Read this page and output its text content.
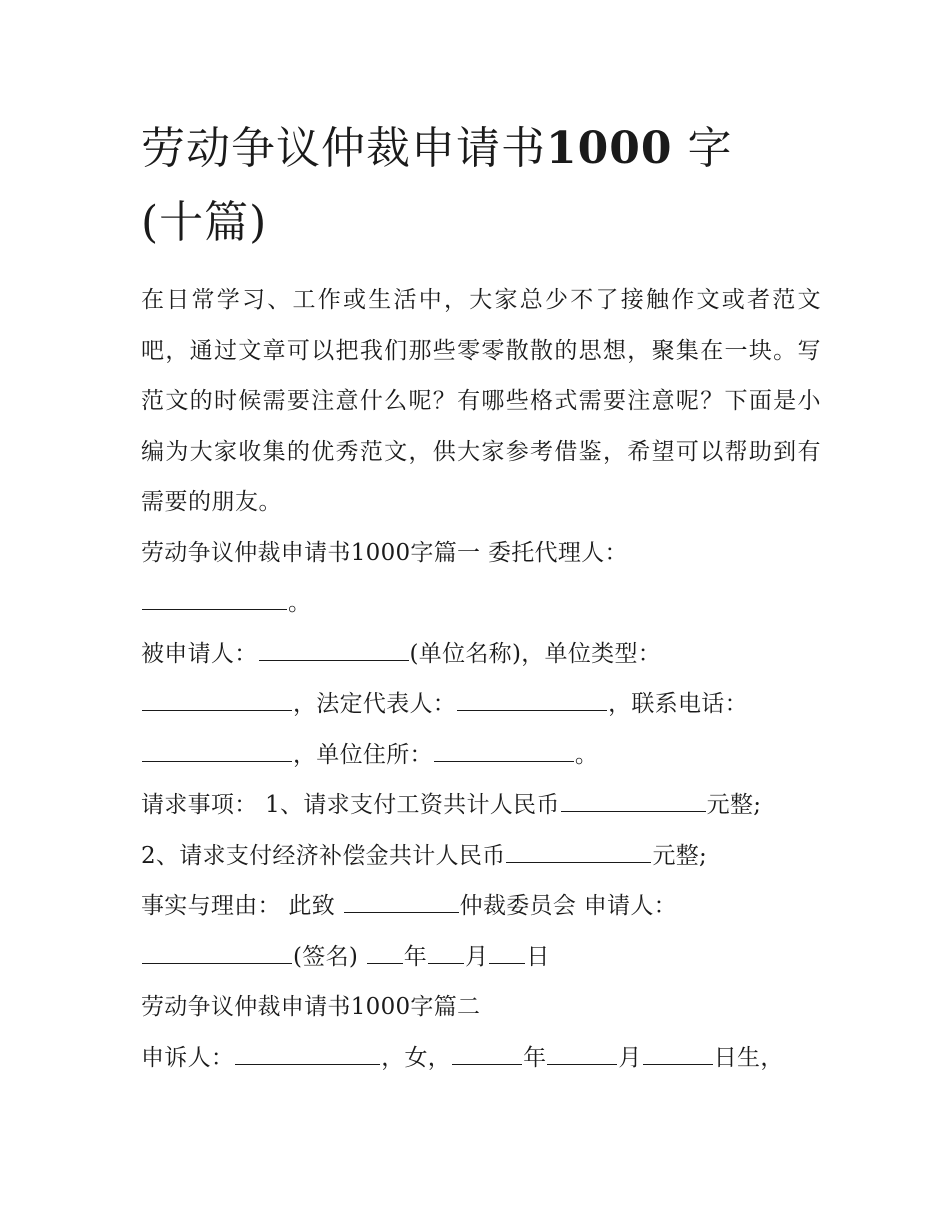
劳动争议仲裁申请书1000 字
(十篇)

在日常学习、工作或生活中，大家总少不了接触作文或者范文吧，通过文章可以把我们那些零零散散的思想，聚集在一块。写范文的时候需要注意什么呢？有哪些格式需要注意呢？下面是小编为大家收集的优秀范文，供大家参考借鉴，希望可以帮助到有需要的朋友。

劳动争议仲裁申请书1000字篇一 委托代理人：

。

被申请人：	(单位名称)，单位类型：

，法定代表人：	，联系电话：

，单位住所：	。

请求事项： 1、请求支付工资共计人民币	元整;

2、请求支付经济补偿金共计人民币	元整;

事实与理由： 此致	仲裁委员会 申请人：

(签名) 年 月 日

劳动争议仲裁申请书1000字篇二

申诉人：	，女，	年	月	日生，
